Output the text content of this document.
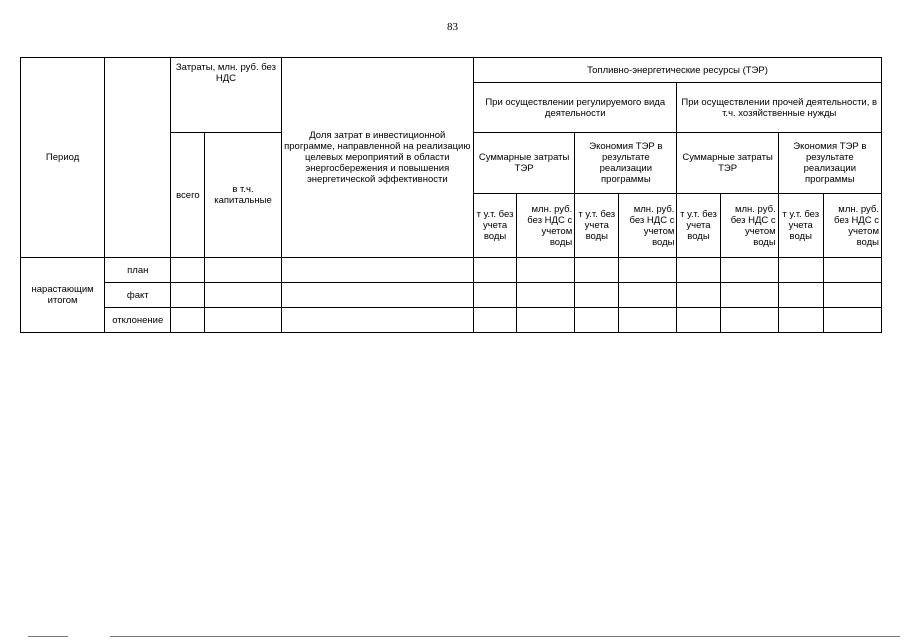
83
Период		Затраты, млн. руб. без НДС		Доля затрат в инвестиционной программе, направленной на реализацию целевых мероприятий в области энергосбережения и повышения энергетической эффективности	Топливно-энергетические ресурсы (ТЭР)							
					При осуществлении регулируемого вида деятельности				При осуществлении прочей деятельности, в т.ч. хозяйственные нужды			
		всего	в т.ч. капитальные		Суммарные затраты ТЭР		Экономия ТЭР в результате реализации программы		Суммарные затраты ТЭР		Экономия ТЭР в результате реализации программы	
					т у.т. без учета воды	млн. руб. без НДС с учетом воды	т у.т. без учета воды	млн. руб. без НДС с учетом воды	т у.т. без учета воды	млн. руб. без НДС с учетом воды	т у.т. без учета воды	млн. руб. без НДС с учетом воды
нарастающим итогом	план											
	факт											
	отклонение											
